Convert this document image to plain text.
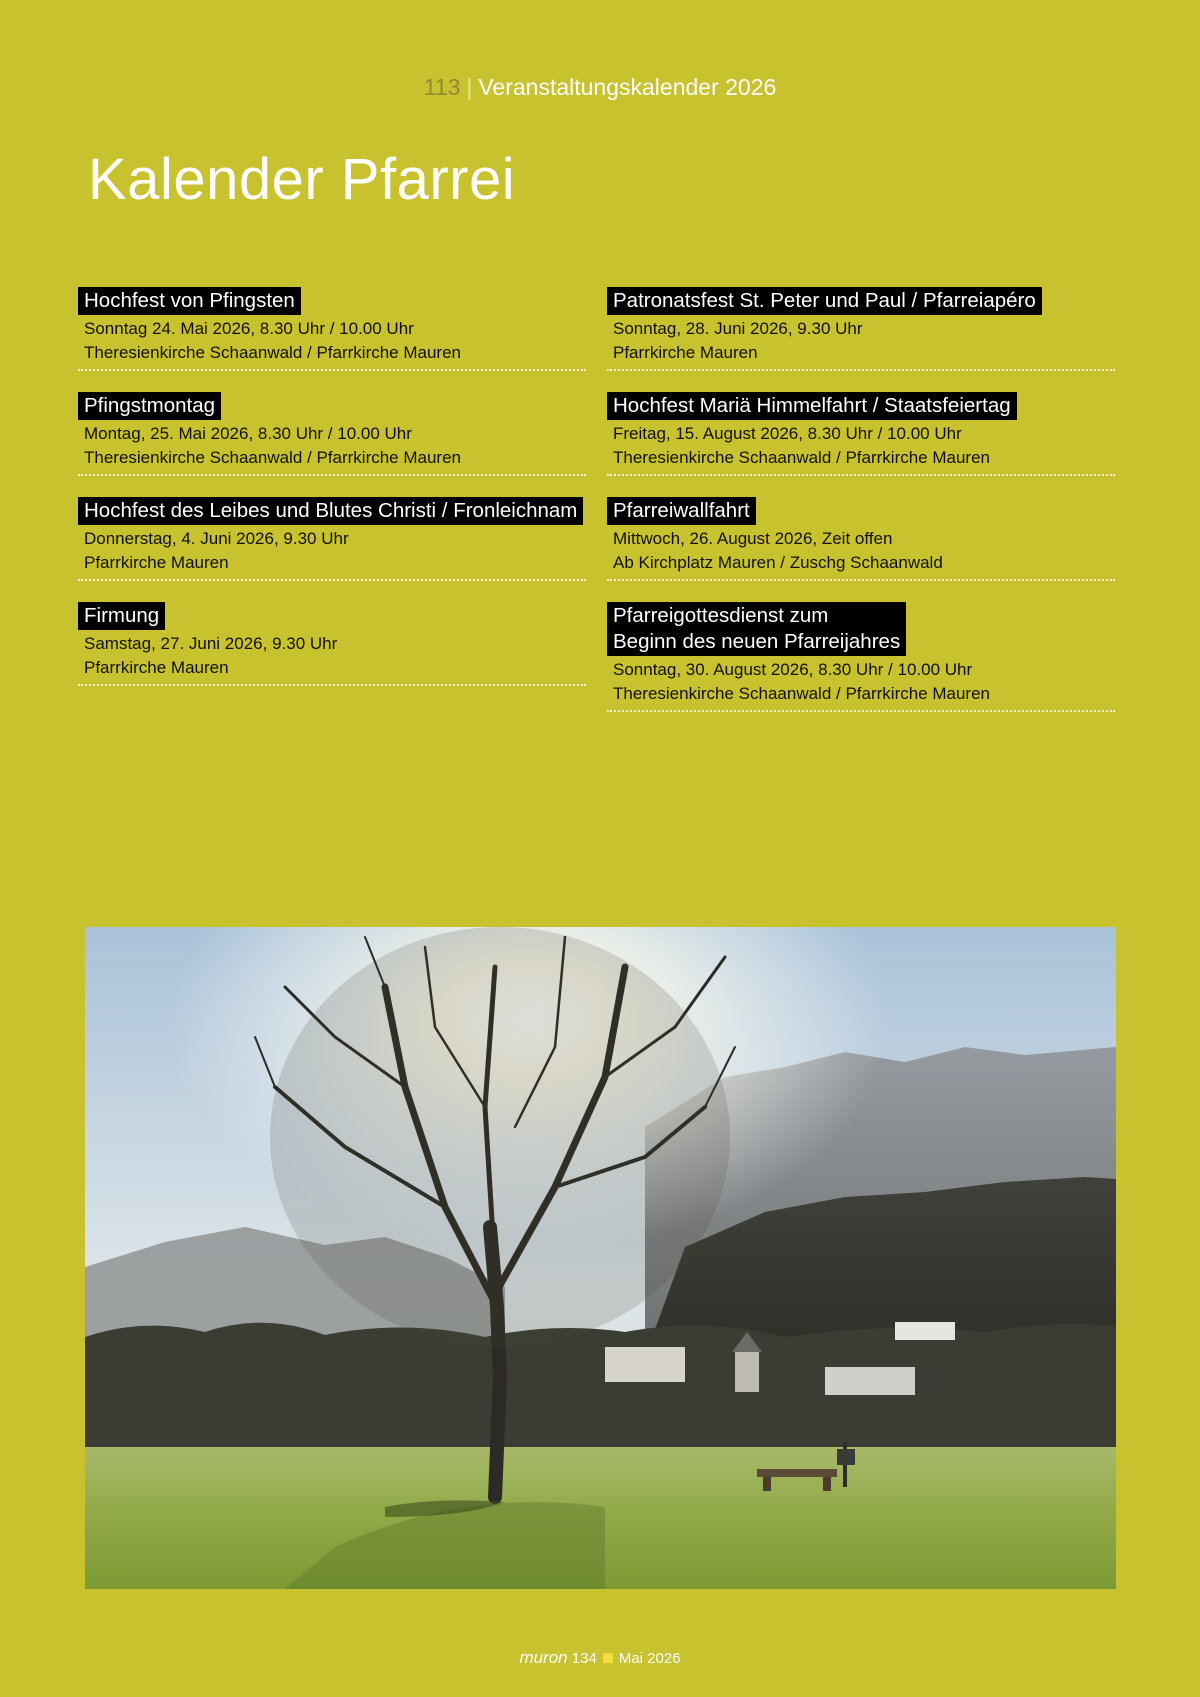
113 | Veranstaltungskalender 2026
Kalender Pfarrei
Hochfest von Pfingsten
Sonntag 24. Mai 2026, 8.30 Uhr / 10.00 Uhr
Theresienkirche Schaanwald / Pfarrkirche Mauren
Pfingstmontag
Montag, 25. Mai 2026, 8.30 Uhr / 10.00 Uhr
Theresienkirche Schaanwald / Pfarrkirche Mauren
Hochfest des Leibes und Blutes Christi / Fronleichnam
Donnerstag, 4. Juni 2026, 9.30 Uhr
Pfarrkirche Mauren
Firmung
Samstag, 27. Juni 2026, 9.30 Uhr
Pfarrkirche Mauren
Patronatsfest St. Peter und Paul / Pfarreiapéro
Sonntag, 28. Juni 2026, 9.30 Uhr
Pfarrkirche Mauren
Hochfest Mariä Himmelfahrt / Staatsfeiertag
Freitag, 15. August 2026, 8.30 Uhr / 10.00 Uhr
Theresienkirche Schaanwald / Pfarrkirche Mauren
Pfarreiwallfahrt
Mittwoch, 26. August 2026, Zeit offen
Ab Kirchplatz Mauren / Zuschg Schaanwald
Pfarreigottesdienst zum
Beginn des neuen Pfarreijahres
Sonntag, 30. August 2026, 8.30 Uhr / 10.00 Uhr
Theresienkirche Schaanwald / Pfarrkirche Mauren
muron 134 Mai 2026
